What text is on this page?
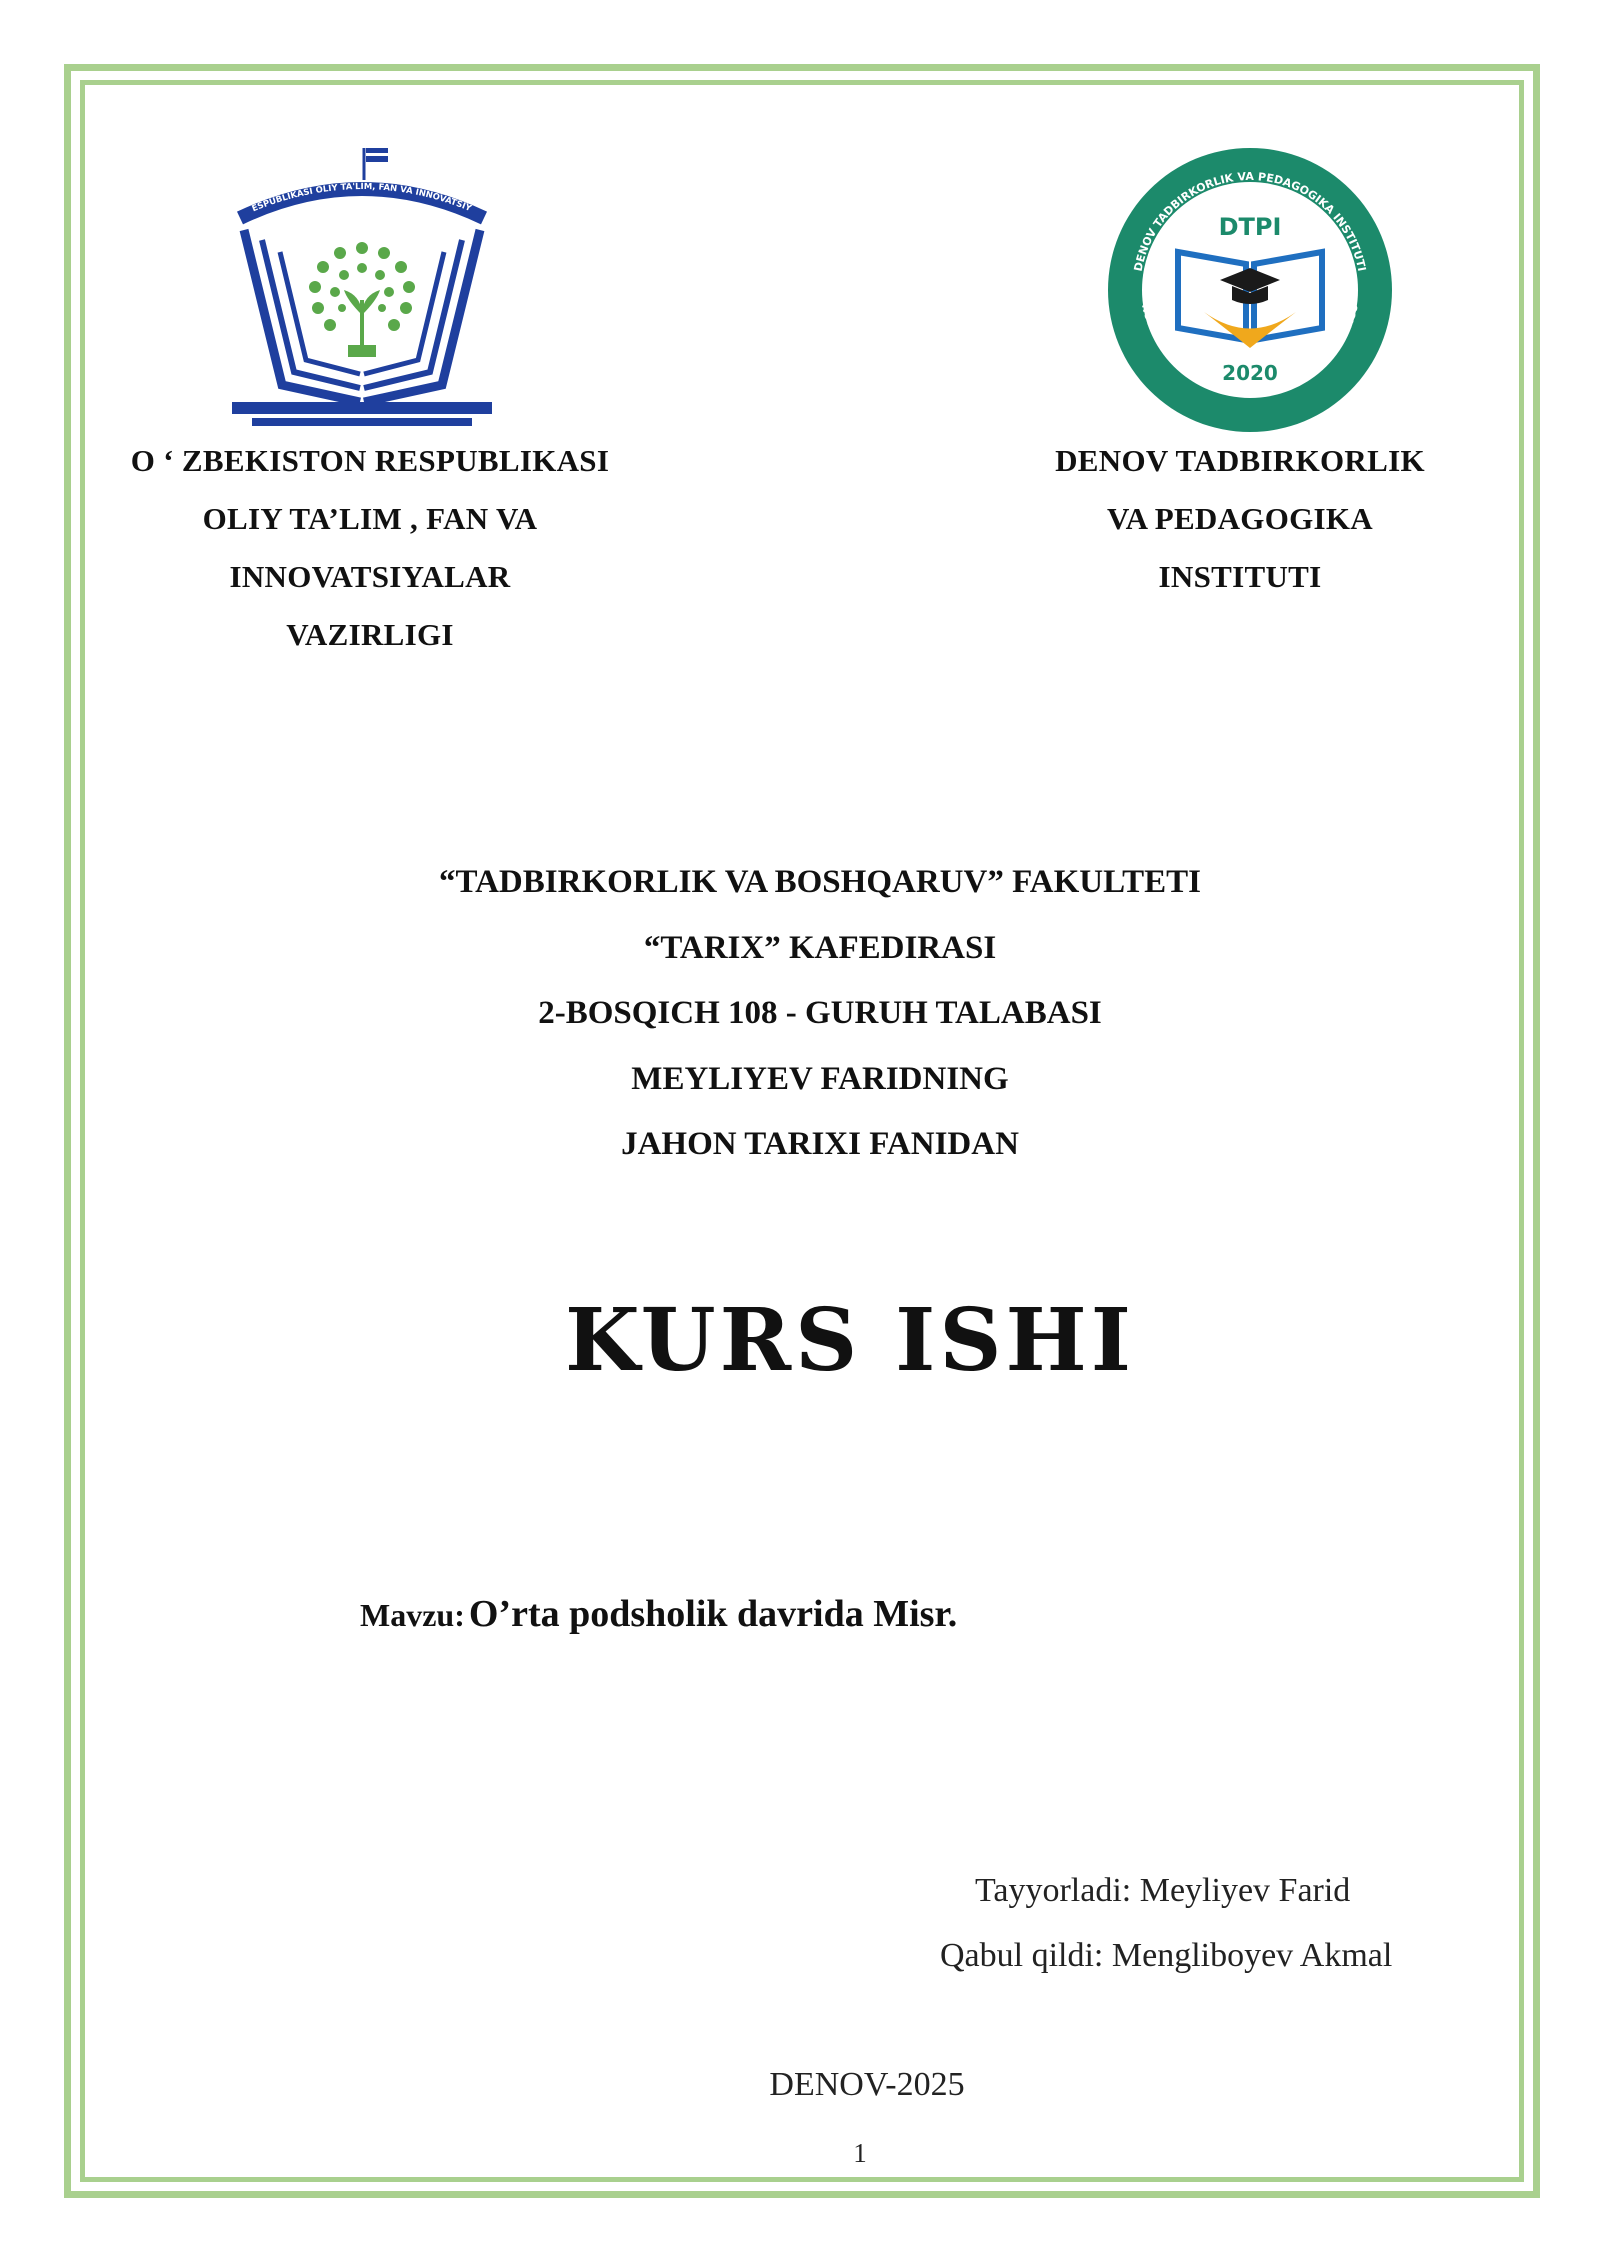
ESPUBLIKASI OLIY TA'LIM, FAN VA INNOVATSIY
DENOV TADBIRKORLIK VA PEDAGOGIKA INSTITUTI
NOV INSTITUTE OF ENTREPRENEURSHIP AND PEDAGO
DTPI
2020
O ‘ ZBEKISTON RESPUBLIKASI
OLIY TA’LIM , FAN VA
INNOVATSIYALAR
VAZIRLIGI
DENOV TADBIRKORLIK
VA PEDAGOGIKA
INSTITUTI
“TADBIRKORLIK VA BOSHQARUV” FAKULTETI
“TARIX” KAFEDIRASI
2-BOSQICH 108 - GURUH TALABASI
MEYLIYEV FARIDNING
JAHON TARIXI FANIDAN
KURS ISHI
Mavzu: O’rta podsholik davrida Misr.
Tayyorladi: Meyliyev Farid
Qabul qildi: Mengliboyev Akmal
DENOV-2025
1
